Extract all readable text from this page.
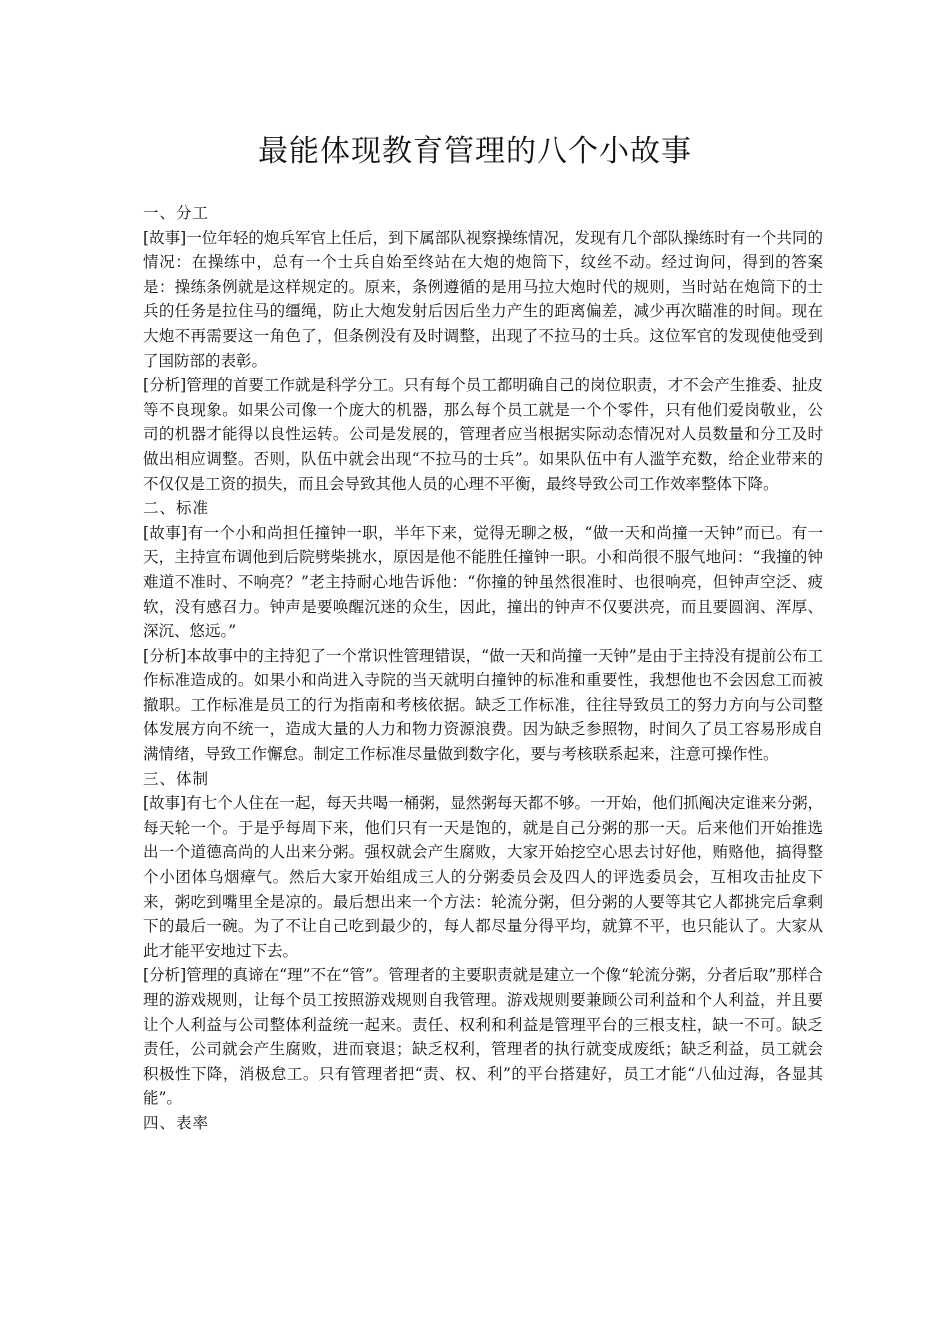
最能体现教育管理的八个小故事

一、分工

[故事]一位年轻的炮兵军官上任后，到下属部队视察操练情况，发现有几个部队操练时有一个共同的情况：在操练中，总有一个士兵自始至终站在大炮的炮筒下，纹丝不动。经过询问，得到的答案是：操练条例就是这样规定的。原来，条例遵循的是用马拉大炮时代的规则，当时站在炮筒下的士兵的任务是拉住马的缰绳，防止大炮发射后因后坐力产生的距离偏差，减少再次瞄准的时间。现在大炮不再需要这一角色了，但条例没有及时调整，出现了不拉马的士兵。这位军官的发现使他受到了国防部的表彰。

[分析]管理的首要工作就是科学分工。只有每个员工都明确自己的岗位职责，才不会产生推委、扯皮等不良现象。如果公司像一个庞大的机器，那么每个员工就是一个个零件，只有他们爱岗敬业，公司的机器才能得以良性运转。公司是发展的，管理者应当根据实际动态情况对人员数量和分工及时做出相应调整。否则，队伍中就会出现“不拉马的士兵”。如果队伍中有人滥竽充数，给企业带来的不仅仅是工资的损失，而且会导致其他人员的心理不平衡，最终导致公司工作效率整体下降。

二、标准

[故事]有一个小和尚担任撞钟一职，半年下来，觉得无聊之极，“做一天和尚撞一天钟”而已。有一天，主持宣布调他到后院劈柴挑水，原因是他不能胜任撞钟一职。小和尚很不服气地问：“我撞的钟难道不准时、不响亮？”老主持耐心地告诉他：“你撞的钟虽然很准时、也很响亮，但钟声空泛、疲软，没有感召力。钟声是要唤醒沉迷的众生，因此，撞出的钟声不仅要洪亮，而且要圆润、浑厚、深沉、悠远。”

[分析]本故事中的主持犯了一个常识性管理错误，“做一天和尚撞一天钟”是由于主持没有提前公布工作标准造成的。如果小和尚进入寺院的当天就明白撞钟的标准和重要性，我想他也不会因怠工而被撤职。工作标准是员工的行为指南和考核依据。缺乏工作标准，往往导致员工的努力方向与公司整体发展方向不统一，造成大量的人力和物力资源浪费。因为缺乏参照物，时间久了员工容易形成自满情绪，导致工作懈怠。制定工作标准尽量做到数字化，要与考核联系起来，注意可操作性。

三、体制

[故事]有七个人住在一起，每天共喝一桶粥，显然粥每天都不够。一开始，他们抓阄决定谁来分粥，每天轮一个。于是乎每周下来，他们只有一天是饱的，就是自己分粥的那一天。后来他们开始推选出一个道德高尚的人出来分粥。强权就会产生腐败，大家开始挖空心思去讨好他，贿赂他，搞得整个小团体乌烟瘴气。然后大家开始组成三人的分粥委员会及四人的评选委员会，互相攻击扯皮下来，粥吃到嘴里全是凉的。最后想出来一个方法：轮流分粥，但分粥的人要等其它人都挑完后拿剩下的最后一碗。为了不让自己吃到最少的，每人都尽量分得平均，就算不平，也只能认了。大家从此才能平安地过下去。

[分析]管理的真谛在“理”不在“管”。管理者的主要职责就是建立一个像“轮流分粥，分者后取”那样合理的游戏规则，让每个员工按照游戏规则自我管理。游戏规则要兼顾公司利益和个人利益，并且要让个人利益与公司整体利益统一起来。责任、权利和利益是管理平台的三根支柱，缺一不可。缺乏责任，公司就会产生腐败，进而衰退；缺乏权利，管理者的执行就变成废纸；缺乏利益，员工就会积极性下降，消极怠工。只有管理者把“责、权、利”的平台搭建好，员工才能“八仙过海，各显其能”。

四、表率
